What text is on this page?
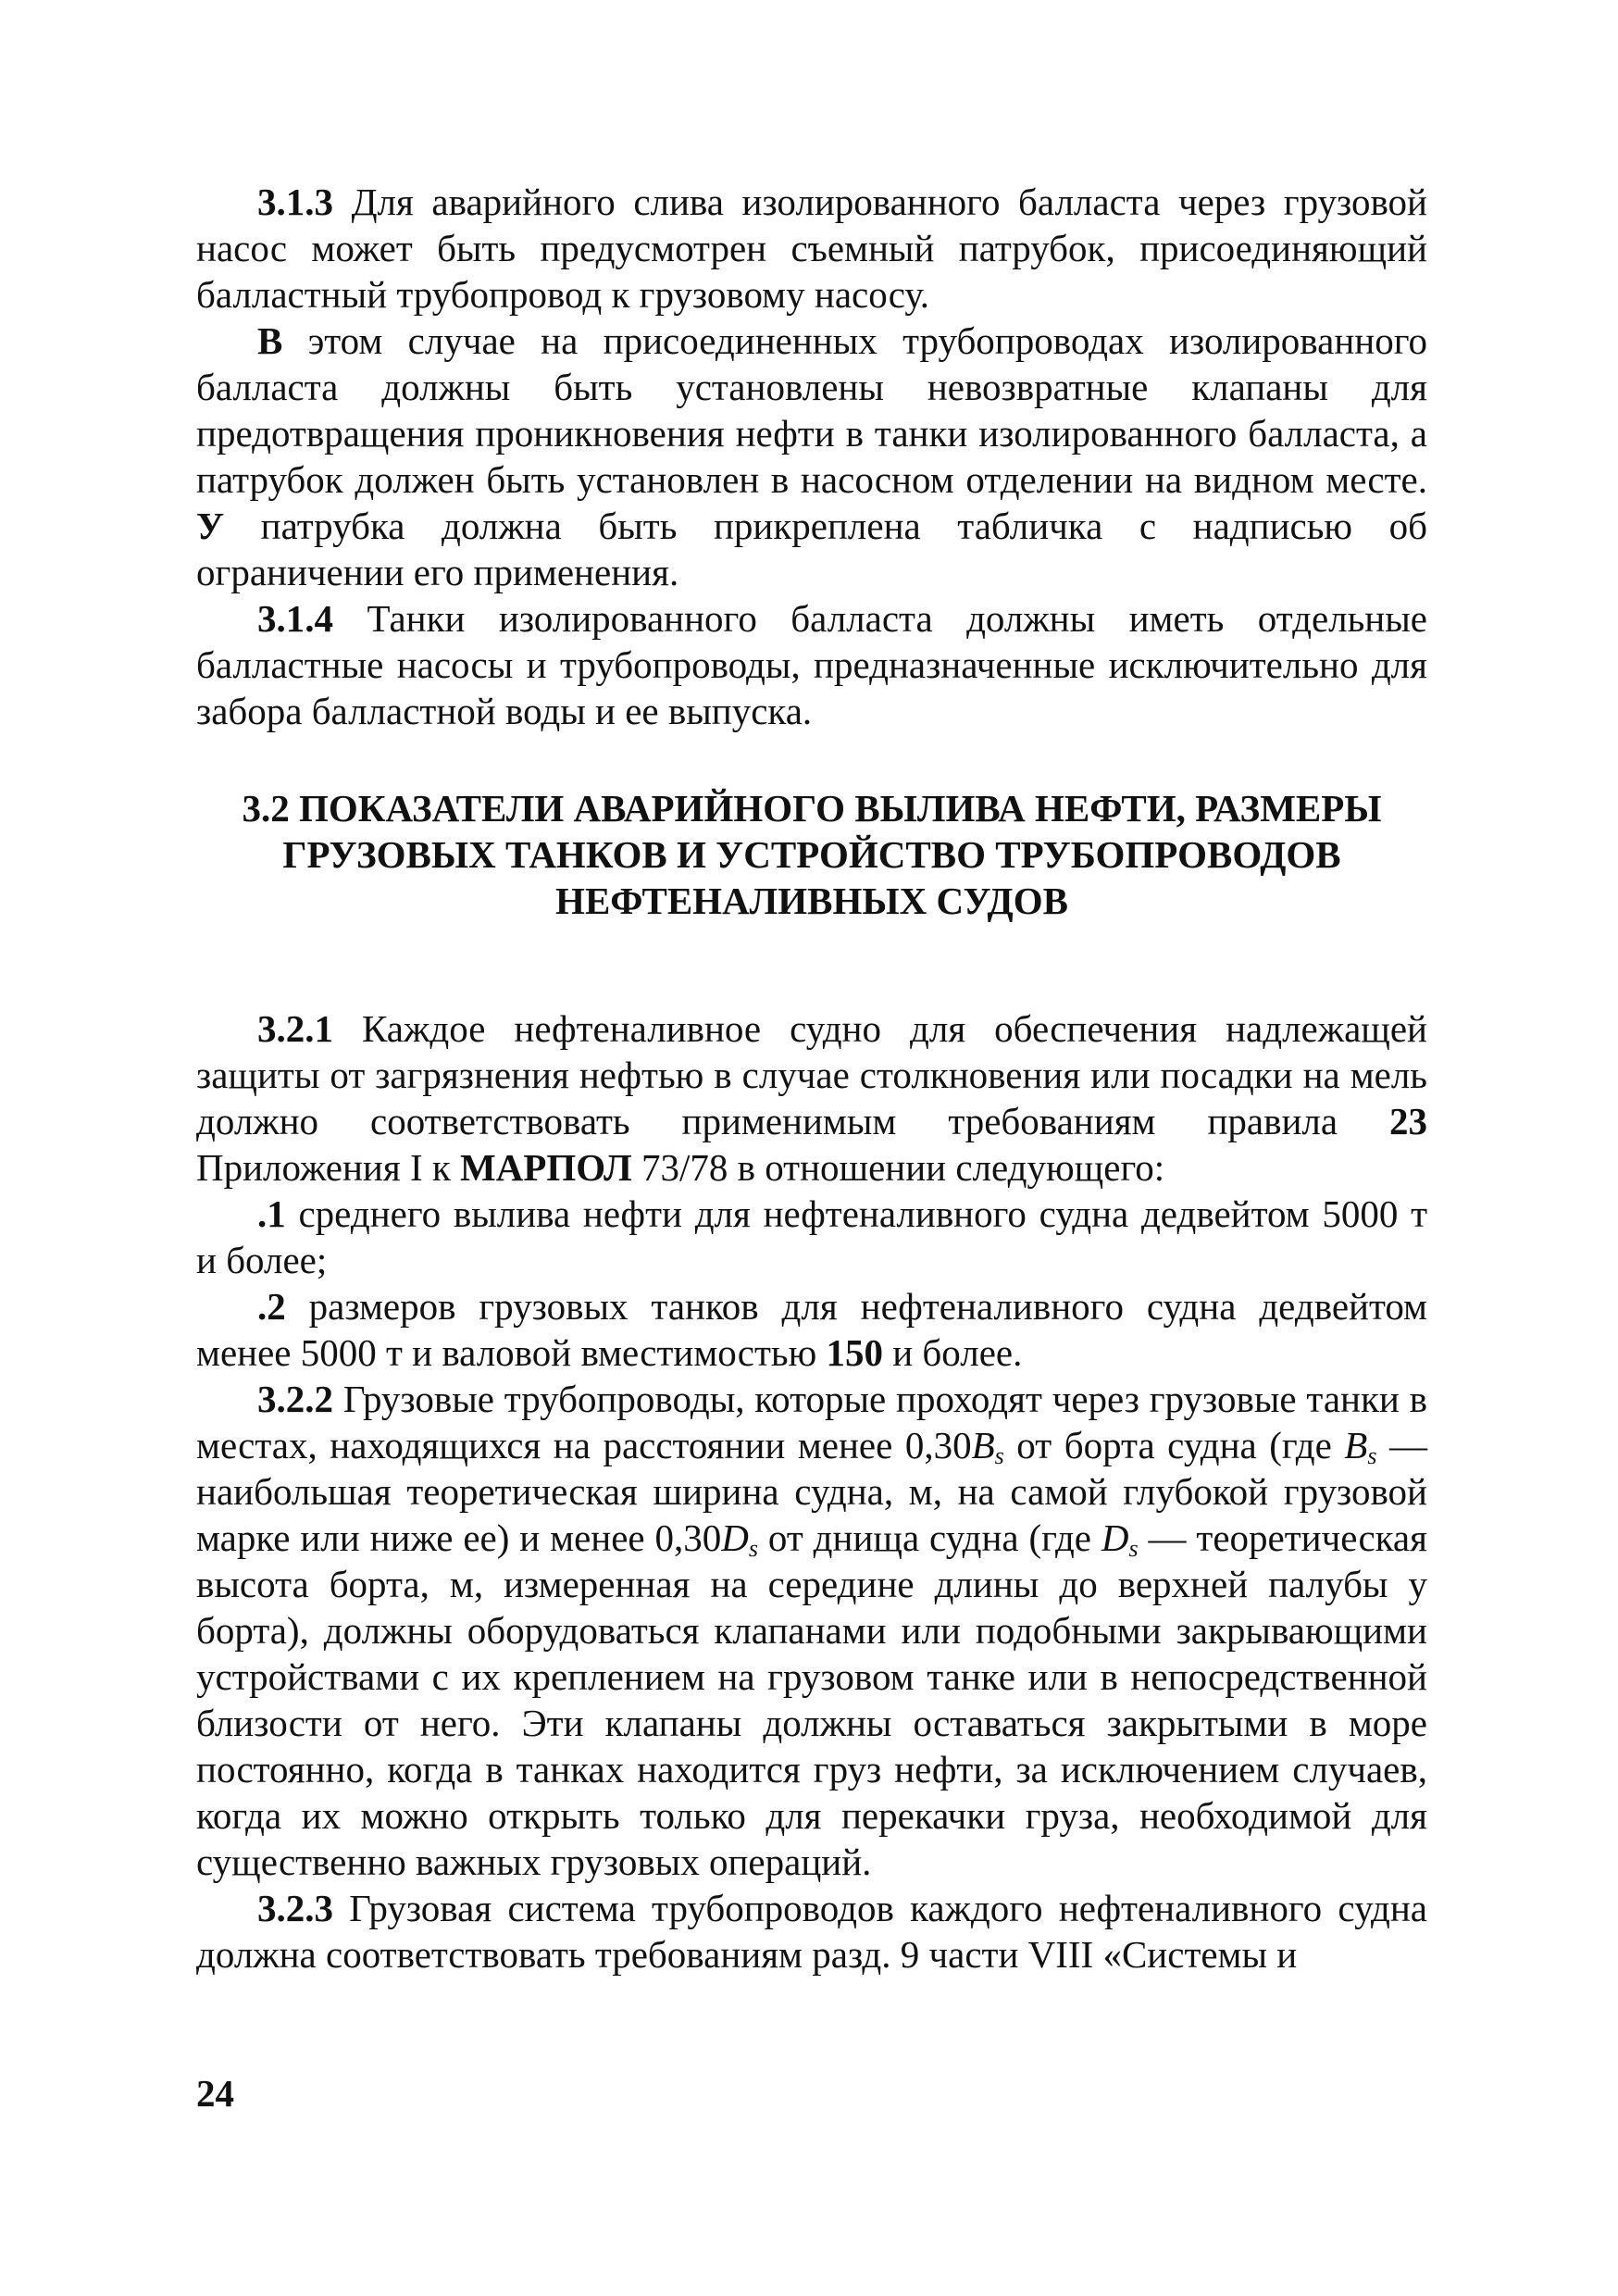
3.1.3 Для аварийного слива изолированного балласта через грузовой насос может быть предусмотрен съемный патрубок, присоединяющий балластный трубопровод к грузовому насосу.

В этом случае на присоединенных трубопроводах изолированного балласта должны быть установлены невозвратные клапаны для предотвращения проникновения нефти в танки изолированного балласта, а патрубок должен быть установлен в насосном отделении на видном месте. У патрубка должна быть прикреплена табличка с надписью об ограничении его применения.

3.1.4 Танки изолированного балласта должны иметь отдельные балластные насосы и трубопроводы, предназначенные исключительно для забора балластной воды и ее выпуска.

3.2 ПОКАЗАТЕЛИ АВАРИЙНОГО ВЫЛИВА НЕФТИ, РАЗМЕРЫ
ГРУЗОВЫХ ТАНКОВ И УСТРОЙСТВО ТРУБОПРОВОДОВ
НЕФТЕНАЛИВНЫХ СУДОВ

3.2.1 Каждое нефтеналивное судно для обеспечения надлежащей защиты от загрязнения нефтью в случае столкновения или посадки на мель должно соответствовать применимым требованиям правила 23 Приложения I к МАРПОЛ 73/78 в отношении следующего:

.1 среднего вылива нефти для нефтеналивного судна дедвейтом 5000 т и более;

.2 размеров грузовых танков для нефтеналивного судна дедвейтом менее 5000 т и валовой вместимостью 150 и более.

3.2.2 Грузовые трубопроводы, которые проходят через грузовые танки в местах, находящихся на расстоянии менее $0,30B_s$ от борта судна (где $B_s$ — наибольшая теоретическая ширина судна, м, на самой глубокой грузовой марке или ниже ее) и менее $0,30D_s$ от днища судна (где $D_s$ — теоретическая высота борта, м, измеренная на середине длины до верхней палубы у борта), должны оборудоваться клапанами или подобными закрывающими устройствами с их креплением на грузовом танке или в непосредственной близости от него. Эти клапаны должны оставаться закрытыми в море постоянно, когда в танках находится груз нефти, за исключением случаев, когда их можно открыть только для перекачки груза, необходимой для существенно важных грузовых операций.

3.2.3 Грузовая система трубопроводов каждого нефтеналивного судна должна соответствовать требованиям разд. 9 части VIII «Системы и

24
